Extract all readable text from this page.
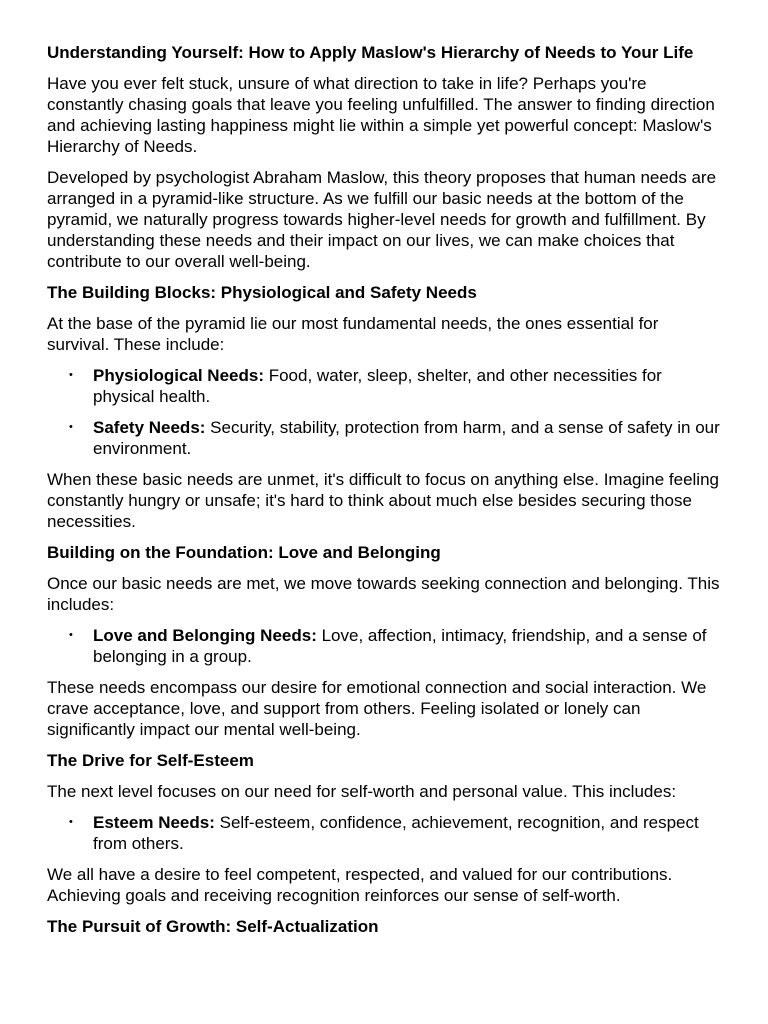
Understanding Yourself: How to Apply Maslow's Hierarchy of Needs to Your Life

Have you ever felt stuck, unsure of what direction to take in life? Perhaps you're constantly chasing goals that leave you feeling unfulfilled. The answer to finding direction and achieving lasting happiness might lie within a simple yet powerful concept: Maslow's Hierarchy of Needs.

Developed by psychologist Abraham Maslow, this theory proposes that human needs are arranged in a pyramid-like structure. As we fulfill our basic needs at the bottom of the pyramid, we naturally progress towards higher-level needs for growth and fulfillment. By understanding these needs and their impact on our lives, we can make choices that contribute to our overall well-being.

The Building Blocks: Physiological and Safety Needs

At the base of the pyramid lie our most fundamental needs, the ones essential for survival. These include:

• Physiological Needs: Food, water, sleep, shelter, and other necessities for physical health.
• Safety Needs: Security, stability, protection from harm, and a sense of safety in our environment.

When these basic needs are unmet, it's difficult to focus on anything else. Imagine feeling constantly hungry or unsafe; it's hard to think about much else besides securing those necessities.

Building on the Foundation: Love and Belonging

Once our basic needs are met, we move towards seeking connection and belonging. This includes:

• Love and Belonging Needs: Love, affection, intimacy, friendship, and a sense of belonging in a group.

These needs encompass our desire for emotional connection and social interaction. We crave acceptance, love, and support from others. Feeling isolated or lonely can significantly impact our mental well-being.

The Drive for Self-Esteem

The next level focuses on our need for self-worth and personal value. This includes:

• Esteem Needs: Self-esteem, confidence, achievement, recognition, and respect from others.

We all have a desire to feel competent, respected, and valued for our contributions. Achieving goals and receiving recognition reinforces our sense of self-worth.

The Pursuit of Growth: Self-Actualization
